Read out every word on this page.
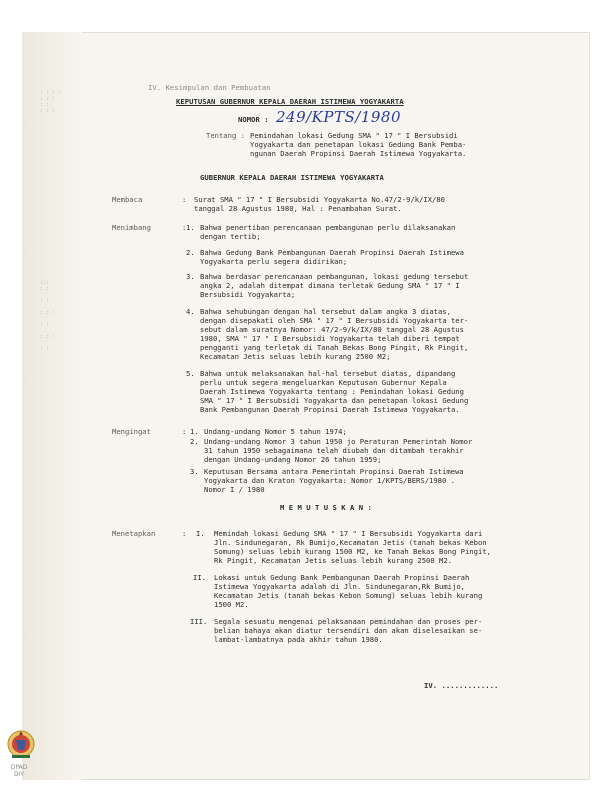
: : : :
: : :
: :
: : :
:::
: :

: :

: : :

: :

: : :

: :
IV. Kesimpulan dan Pembuatan
KEPUTUSAN GUBERNUR KEPALA DAERAH ISTIMEWA YOGYAKARTA
NOMOR : 249/KPTS/1980
Tentang : Pemindahan lokasi Gedung SMA " 17 " I Bersubsidi
Yogyakarta dan penetapan lokasi Gedung Bank Pemba-
ngunan Daerah Propinsi Daerah Istimewa Yogyakarta.
GUBERNUR KEPALA DAERAH ISTIMEWA YOGYAKARTA
Membaca	: Surat SMA " 17 " I Bersubsidi Yogyakarta No.47/2-9/k/IX/80
tanggal 28 Agustus 1980, Hal : Penambahan Surat.
Menimbang	: 1. Bahwa penertiban perencanaan pembangunan perlu dilaksanakan
dengan tertib;
2. Bahwa Gedung Bank Pembangunan Daerah Propinsi Daerah Istimewa
Yogyakarta perlu segera didirikan;
3. Bahwa berdasar perencanaan pembangunan, lokasi gedung tersebut
angka 2, adalah ditempat dimana terletak Gedung SMA " 17 " I
Bersubsidi Yogyakarta;
4. Bahwa sehubungan dengan hal tersebut dalam angka 3 diatas,
dengan disepakati oleh SMA " 17 " I Bersubsidi Yogyakarta ter-
sebut dalam suratnya Nomor: 47/2-9/k/IX/80 tanggal 28 Agustus
1980, SMA " 17 " I Bersubsidi Yogyakarta telah diberi tempat
pengganti yang terletak di Tanah Bekas Bong Pingit, Rk Pingit,
Kecamatan Jetis seluas lebih kurang 2500 M2;
5. Bahwa untuk melaksanakan hal-hal tersebut diatas, dipandang
perlu untuk segera mengeluarkan Keputusan Gubernur Kepala
Daerah Istimewa Yogyakarta tentang : Pemindahan lokasi Gedung
SMA " 17 " I Bersubsidi Yogyakarta dan penetapan lokasi Gedung
Bank Pembangunan Daerah Propinsi Daerah Istimewa Yogyakarta.
Mengingat	: 1. Undang-undang Nomor 5 tahun 1974;
2. Undang-undang Nomor 3 tahun 1950 jo Peraturan Pemerintah Nomor
31 tahun 1950 sebagaimana telah diubah dan ditambah terakhir
dengan Undang-undang Nomor 26 tahun 1959;
3. Keputusan Bersama antara Pemerintah Propinsi Daerah Istimewa
Yogyakarta dan Kraton Yogyakarta: Nomor 1/KPTS/BERS/1980 .
Nomor I / 1980
M E M U T U S K A N :
Menetapkan	: I. Memindah lokasi Gedung SMA " 17 " I Bersubsidi Yogyakarta dari
Jln. Sindunegaran, Rk Bumijo,Kecamatan Jetis (tanah bekas Kebon
Somung) seluas lebih kurang 1500 M2, ke Tanah Bekas Bong Pingit,
Rk Pingit, Kecamatan Jetis seluas lebih kurang 2500 M2.
II. Lokasi untuk Gedung Bank Pembangunan Daerah Propinsi Daerah
Istimewa Yogyakarta adalah di Jln. Sindunegaran,Rk Bumijo,
Kecamatan Jetis (tanah bekas Kebon Somung) seluas lebih kurang
1500 M2.
III. Segala sesuatu mengenai pelaksanaan pemindahan dan proses per-
belian bahaya akan diatur tersendiri dan akan diselesaikan se-
lambat-lambatnya pada akhir tahun 1980.
IV. .............
DPAD
DIY
